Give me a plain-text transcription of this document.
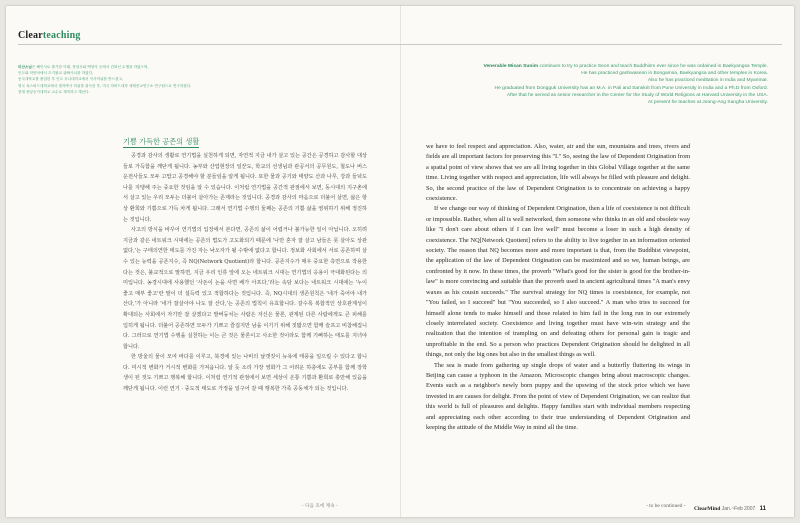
Clearteaching
미산스님은 해인사로 출가한 이래, 봉암사와 백양사 등에서 간화선 수행을 하였으며,
인도와 미얀마에서 초기불교 위빠사나를 하였다.
동국대학교를 졸업한 후 인도 푸나대학교에서 석사학위를 받으셨고,
영국 옥스퍼드대학교에서 철학박사 학위를 취득한 후, 미국 하버드대학 세계종교연구소 연구원으로 연구하셨다.
현재 중앙승가대학교 교수로 재직하고 계신다.
Venerable Misan Sunim continues to try to practice Seon and teach Buddhism ever since he was ordained in Baekyangsa Temple.
He has practiced ganhwaseon in Bongamsa, Baekyangsa and other temples in Korea.
Also he has practiced meditation in India and Myanmar.
He graduated from Dongguk University has an M.A. in Pali and Sanskrit from Pune University in India and a Ph.D from Oxford.
After that he served as senior researcher in the Center for the Study of World Religions at Harvard University in the USA.
At present he teaches at Joong-Ang Sangha University.
기쁨 가득한 공존의 생활

공경과 감사의 생활로 연기법을 실천하게 되면, 자연적 지금 내가 살고 있는 공간은 공경하고 감사할 대상들로 가득함을 깨닫게 됩니다. 농부와 산업현장의 일꾼도, 학교의 선생님과 관공서의 공무원도, 철도나 버스 운전사들도 모두 고맙고 공경해야 할 분들임을 알게 됩니다. 또한 물과 공기와 태양도 산과 나무, 강과 들녘도 나를 지탱해 주는 중요한 것임을 알 수 있습니다. 이처럼 연기법을 공간적 관점에서 보면, 동시대의 지구촌에서 살고 있는 우리 모두는 더불어 살아가는 존재라는 것입니다. 공경과 감사의 마음으로 더불어 살면, 삶은 항상 환희와 기쁨으로 가득 차게 됩니다. 그래서 연기법 수행의 둘째는 공존의 기쁨 삶을 영위하기 위해 정진하는 것입니다.

사고의 방식을 바꾸어 연기법의 입장에서 본다면, 공존의 삶이 어렵거나 불가능한 일이 아닙니다. 오히려 지금과 같은 네트워크 시대에는 공존의 법도가 고도화되기 때문에 '나만 혼자 잘 살고 남들은 못 살아도 상관없다,'는 구태의연한 태도를 가진 자는 낙오자가 될 수밖에 없다고 합니다. 정보화 사회에서 서로 공존하며 살수 있는 능력을 공존지수, 즉 NQ(Network Quotient)라 합니다. 공존지수가 매우 중요한 측면으로 작용한다는 것은, 불교적으로 말하면, 지금 우리 인류 앞에 오는 네트워크 시대는 연기법의 응용이 극대화된다는 의미입니다. 농경시대에 사용했던 '사돈이 논을 사면 배가 아프다,'라는 속담 보다는 네트워크 시대에는 '누이 좋고 매부 좋고'란 말이 더 설득력 있고 적합하다는 것입니다. 즉, NQ시대의 생존원칙은 '네가 죽어야 내가 산다,'가 아니라 '네가 잘살아야 나도 잘 산다,'는 공존의 법칙이 유효합니다. 갈수록 복합적인 상호관계성이 확대되는 사회에서 자기만 잘 살겠다고 발버둥치는 사람은 자신은 물론, 관계된 다른 사람에게도 큰 피해를 입히게 됩니다. 더불어 공존하면 모두가 기쁘고 즐겁지만 남을 이기기 위해 짓밟으면 함께 슬프고 비참해집니다. 그러므로 연기법 수행을 실천하는 이는 큰 것은 물론이고 사소한 것이라도 함께 기뻐하는 태도를 지녀야 합니다.

한 방울의 물이 모여 바다를 이루고, 북경에 있는 나비의 날갯짓이 뉴욕에 태풍을 일으킬 수 있다고 합니다. 미시적 변화가 거시적 변화를 가져옵니다. 알 듯 소리 가장 영화가 그 어려운 하층에도 공부를 함께 장학생이 된 것도 기쁘고 행복해 합니다. 이처럼 연기적 관점에서 보면 세상이 온통 기쁨과 환희로 충만해 있음을 깨닫게 됩니다. 이런 연기 · 중도적 태도로 가정을 일구어 갈 때 행복한 가족 공동체가 되는 것입니다.

- 다음 호에 계속 -

we have to feel respect and appreciation. Also, water, air and the sun, mountains and trees, rivers and fields are all important factors for preserving this "I." So, seeing the law of Dependent Origination from a spatial point of view shows that we are all living together in this Global Village together at the same time. Living together with respect and appreciation, life will always be filled with pleasure and delight. So, the second practice of the law of Dependent Origination is to concentrate on achieving a happy coexistence.

If we change our way of thinking of Dependent Origination, then a life of coexistence is not difficult or impossible. Rather, when all is well networked, then someone who thinks in an old and obsolete way like "I don't care about others if I can live well" must become a loser in such a high density of coexistence. The NQ[Network Quotient] refers to the ability to live together in an information oriented society. The reason that NQ becomes more and more important is that, from the Buddhist viewpoint, the application of the law of Dependent Origination can be maximized and so we, human beings, are confronted by it now. In these times, the proverb "What's good for the sister is good for the brother-in-law" is more convincing and suitable than the proverb used in ancient agricultural times "A man's envy waxes as his cousin succeeds." The survival strategy for NQ times is coexistence, for example, not "You failed, so I succeed" but "You succeeded, so I also succeed." A man who tries to succeed for himself alone tends to make himself and those related to him fail in the long run in our extremely closely interrelated society. Coexistence and living together must have win-win strategy and the realization that the intention of trampling on and defeating others for personal gain is tragic and unprofitable in the end. So a person who practices Dependent Origination should be delighted in all things, not only the big ones but also in the smallest things as well.

The sea is made from gathering up single drops of water and a butterfly fluttering its wings in Beijing can cause a typhoon in the Amazon. Microscopic changes bring about macroscopic changes. Events such as a neighbor's newly born puppy and the upswing of the stock price which we have invested in are causes for delight. From the point of view of Dependent Origination, we can realize that this world is full of pleasures and delights. Happy families start with individual members respecting and appreciating each other according to their true understanding of Dependent Origination and keeping the attitude of the Middle Way in mind all the time.

- to be continued - ClearMind Jan.~Feb 2007 11
